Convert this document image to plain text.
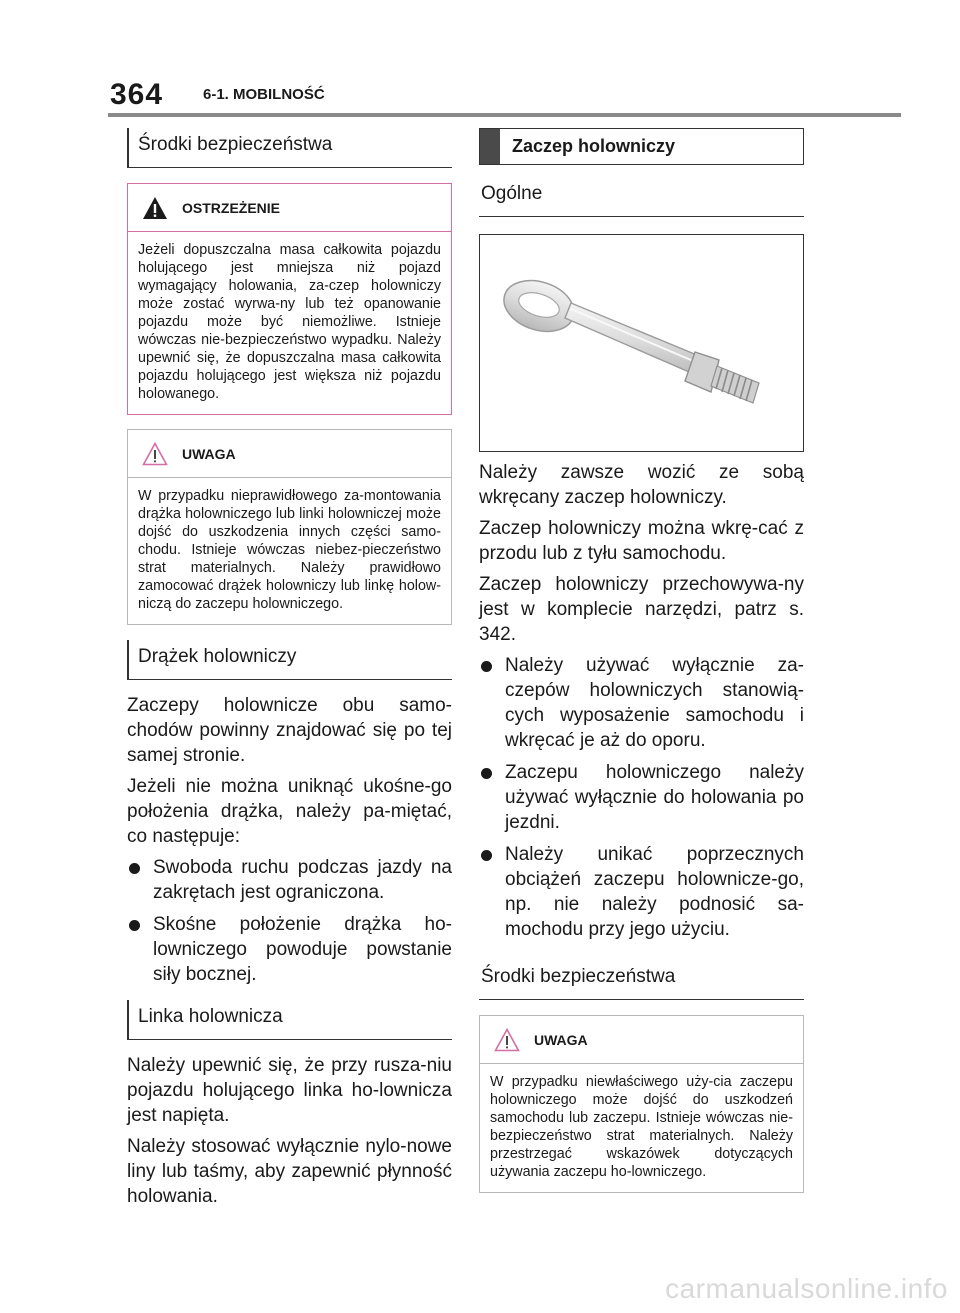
364	6-1. MOBILNOŚĆ
Środki bezpieczeństwa
OSTRZEŻENIE
Jeżeli dopuszczalna masa całkowita pojazdu holującego jest mniejsza niż pojazd wymagający holowania, za-czep holowniczy może zostać wyrwa-ny lub też opanowanie pojazdu może być niemożliwe. Istnieje wówczas nie-bezpieczeństwo wypadku. Należy upewnić się, że dopuszczalna masa całkowita pojazdu holującego jest większa niż pojazdu holowanego.
UWAGA
W przypadku nieprawidłowego za-montowania drążka holowniczego lub linki holowniczej może dojść do uszkodzenia innych części samo-chodu. Istnieje wówczas niebez-pieczeństwo strat materialnych. Należy prawidłowo zamocować drążek holowniczy lub linkę holow-niczą do zaczepu holowniczego.
Drążek holowniczy

Zaczepy holownicze obu samo-chodów powinny znajdować się po tej samej stronie.

Jeżeli nie można uniknąć ukośne-go położenia drążka, należy pa-miętać, co następuje:

Swoboda ruchu podczas jazdy na zakrętach jest ograniczona.
Skośne położenie drążka ho-lowniczego powoduje powstanie siły bocznej.
Linka holownicza

Należy upewnić się, że przy rusza-niu pojazdu holującego linka ho-lownicza jest napięta.

Należy stosować wyłącznie nylo-nowe liny lub taśmy, aby zapewnić płynność holowania.

Zaczep holowniczy
Ogólne

Należy zawsze wozić ze sobą wkręcany zaczep holowniczy.

Zaczep holowniczy można wkrę-cać z przodu lub z tyłu samochodu.

Zaczep holowniczy przechowywa-ny jest w komplecie narzędzi, patrz s. 342.

Należy używać wyłącznie za-czepów holowniczych stanowią-cych wyposażenie samochodu i wkręcać je aż do oporu.
Zaczepu holowniczego należy używać wyłącznie do holowania po jezdni.
Należy unikać poprzecznych obciążeń zaczepu holownicze-go, np. nie należy podnosić sa-mochodu przy jego użyciu.
Środki bezpieczeństwa
UWAGA
W przypadku niewłaściwego uży-cia zaczepu holowniczego może dojść do uszkodzeń samochodu lub zaczepu. Istnieje wówczas nie-bezpieczeństwo strat materialnych. Należy przestrzegać wskazówek dotyczących używania zaczepu ho-lowniczego.
carmanualsonline.info
